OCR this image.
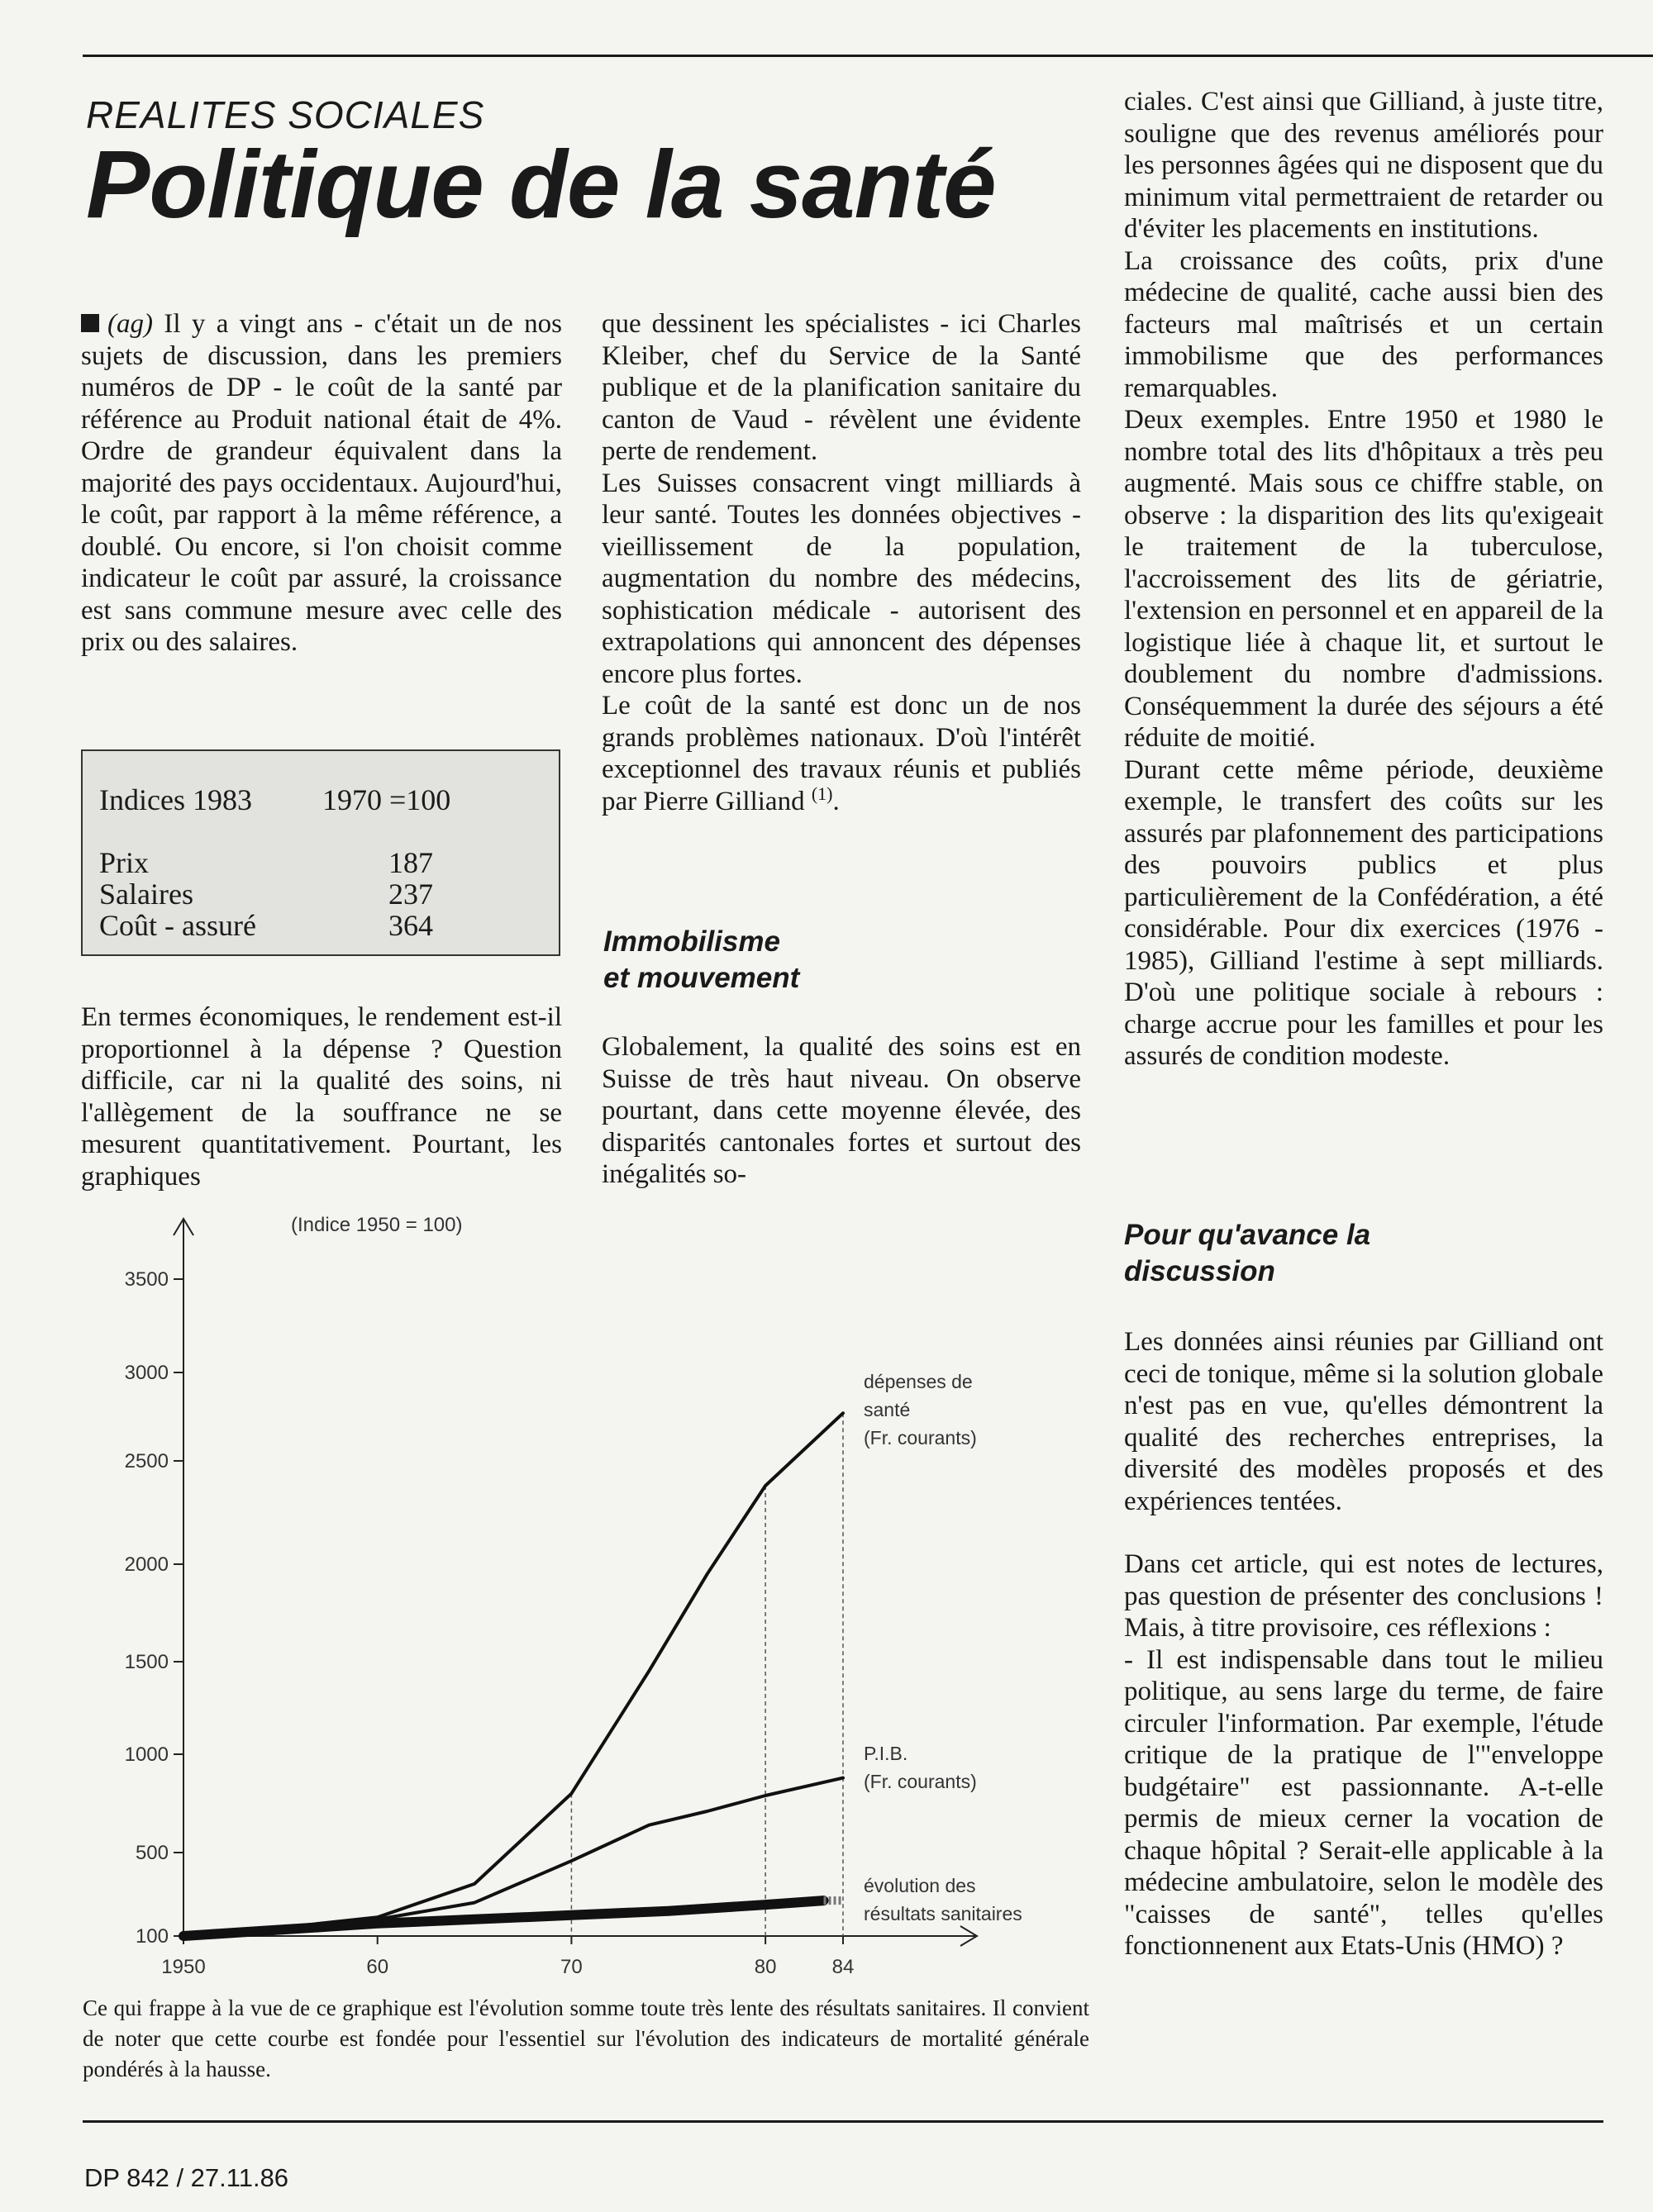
REALITES SOCIALES
Politique de la santé

(ag) Il y a vingt ans - c'était un de nos sujets de discussion, dans les premiers numéros de DP - le coût de la santé par référence au Produit national était de 4%. Ordre de grandeur équivalent dans la majorité des pays occidentaux. Aujourd'hui, le coût, par rapport à la même référence, a doublé. Ou encore, si l'on choisit comme indicateur le coût par assuré, la croissance est sans commune mesure avec celle des prix ou des salaires.

Indices 1983 1970 =100
Prix	187
Salaires	237
Coût - assuré	364

En termes économiques, le rendement est-il proportionnel à la dépense ? Question difficile, car ni la qualité des soins, ni l'allègement de la souffrance ne se mesurent quantitativement. Pourtant, les graphiques

que dessinent les spécialistes - ici Charles Kleiber, chef du Service de la Santé publique et de la planification sanitaire du canton de Vaud - révèlent une évidente perte de rendement.

Les Suisses consacrent vingt milliards à leur santé. Toutes les données objectives - vieillissement de la population, augmentation du nombre des médecins, sophistication médicale - autorisent des extrapolations qui annoncent des dépenses encore plus fortes.

Le coût de la santé est donc un de nos grands problèmes nationaux. D'où l'intérêt exceptionnel des travaux réunis et publiés par Pierre Gilliand $^{(1)}$.

Immobilisme
et mouvement

Globalement, la qualité des soins est en Suisse de très haut niveau. On observe pourtant, dans cette moyenne élevée, des disparités cantonales fortes et surtout des inégalités so-

ciales. C'est ainsi que Gilliand, à juste titre, souligne que des revenus améliorés pour les personnes âgées qui ne disposent que du minimum vital permettraient de retarder ou d'éviter les placements en institutions.

La croissance des coûts, prix d'une médecine de qualité, cache aussi bien des facteurs mal maîtrisés et un certain immobilisme que des performances remarquables.

Deux exemples. Entre 1950 et 1980 le nombre total des lits d'hôpitaux a très peu augmenté. Mais sous ce chiffre stable, on observe : la disparition des lits qu'exigeait le traitement de la tuberculose, l'accroissement des lits de gériatrie, l'extension en personnel et en appareil de la logistique liée à chaque lit, et surtout le doublement du nombre d'admissions. Conséquemment la durée des séjours a été réduite de moitié.

Durant cette même période, deuxième exemple, le transfert des coûts sur les assurés par plafonnement des participations des pouvoirs publics et plus particulièrement de la Confédération, a été considérable. Pour dix exercices (1976 - 1985), Gilliand l'estime à sept milliards. D'où une politique sociale à rebours : charge accrue pour les familles et pour les assurés de condition modeste.

Pour qu'avance la
discussion

Les données ainsi réunies par Gilliand ont ceci de tonique, même si la solution globale n'est pas en vue, qu'elles démontrent la qualité des recherches entreprises, la diversité des modèles proposés et des expériences tentées.

Dans cet article, qui est notes de lectures, pas question de présenter des conclusions ! Mais, à titre provisoire, ces réflexions :

- Il est indispensable dans tout le milieu politique, au sens large du terme, de faire circuler l'information. Par exemple, l'étude critique de la pratique de l'"enveloppe budgétaire" est passionnante. A-t-elle permis de mieux cerner la vocation de chaque hôpital ? Serait-elle applicable à la médecine ambulatoire, selon le modèle des "caisses de santé", telles qu'elles fonctionnenent aux Etats-Unis (HMO) ?

(Indice 1950 = 100)
100
500
1000
1500
2000
2500
3000
3500
1950	60	70	80	84
dépenses de
santé
(Fr. courants)
P.I.B.
(Fr. courants)
évolution des
résultats sanitaires
Ce qui frappe à la vue de ce graphique est l'évolution somme toute très lente des résultats sanitaires. Il convient de noter que cette courbe est fondée pour l'essentiel sur l'évolution des indicateurs de mortalité générale pondérés à la hausse.
DP 842 / 27.11.86
